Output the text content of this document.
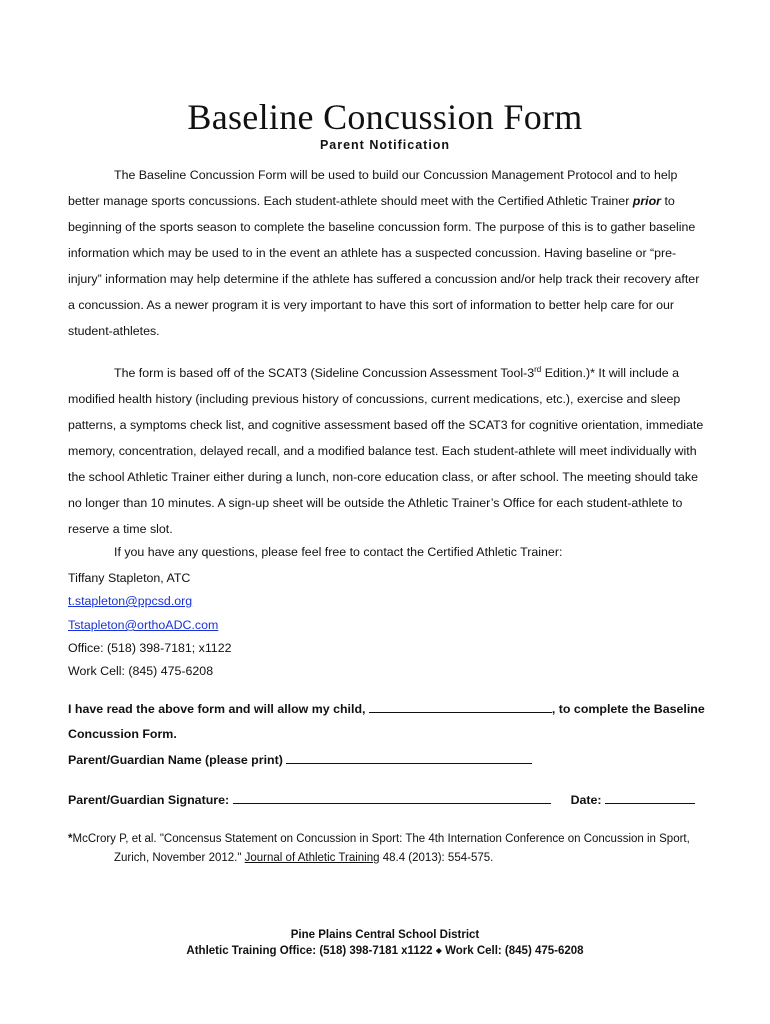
Baseline Concussion Form
Parent Notification

The Baseline Concussion Form will be used to build our Concussion Management Protocol and to help better manage sports concussions. Each student-athlete should meet with the Certified Athletic Trainer prior to beginning of the sports season to complete the baseline concussion form. The purpose of this is to gather baseline information which may be used to in the event an athlete has a suspected concussion. Having baseline or “pre-injury” information may help determine if the athlete has suffered a concussion and/or help track their recovery after a concussion. As a newer program it is very important to have this sort of information to better help care for our student-athletes.

The form is based off of the SCAT3 (Sideline Concussion Assessment Tool-3rd Edition.)* It will include a modified health history (including previous history of concussions, current medications, etc.), exercise and sleep patterns, a symptoms check list, and cognitive assessment based off the SCAT3 for cognitive orientation, immediate memory, concentration, delayed recall, and a modified balance test. Each student-athlete will meet individually with the school Athletic Trainer either during a lunch, non-core education class, or after school. The meeting should take no longer than 10 minutes. A sign-up sheet will be outside the Athletic Trainer’s Office for each student-athlete to reserve a time slot.

If you have any questions, please feel free to contact the Certified Athletic Trainer:

Tiffany Stapleton, ATC
t.stapleton@ppcsd.org
Tstapleton@orthoADC.com
Office: (518) 398-7181; x1122
Work Cell: (845) 475-6208
I have read the above form and will allow my child,	, to complete the Baseline
Concussion Form.
Parent/Guardian Name (please print)
Parent/Guardian Signature:	Date:
*McCrory P, et al. "Concensus Statement on Concussion in Sport: The 4th Internation Conference on Concussion in Sport,
Zurich, November 2012." Journal of Athletic Training 48.4 (2013): 554-575.
Pine Plains Central School District
Athletic Training Office: (518) 398-7181 x1122 ◆ Work Cell: (845) 475-6208
